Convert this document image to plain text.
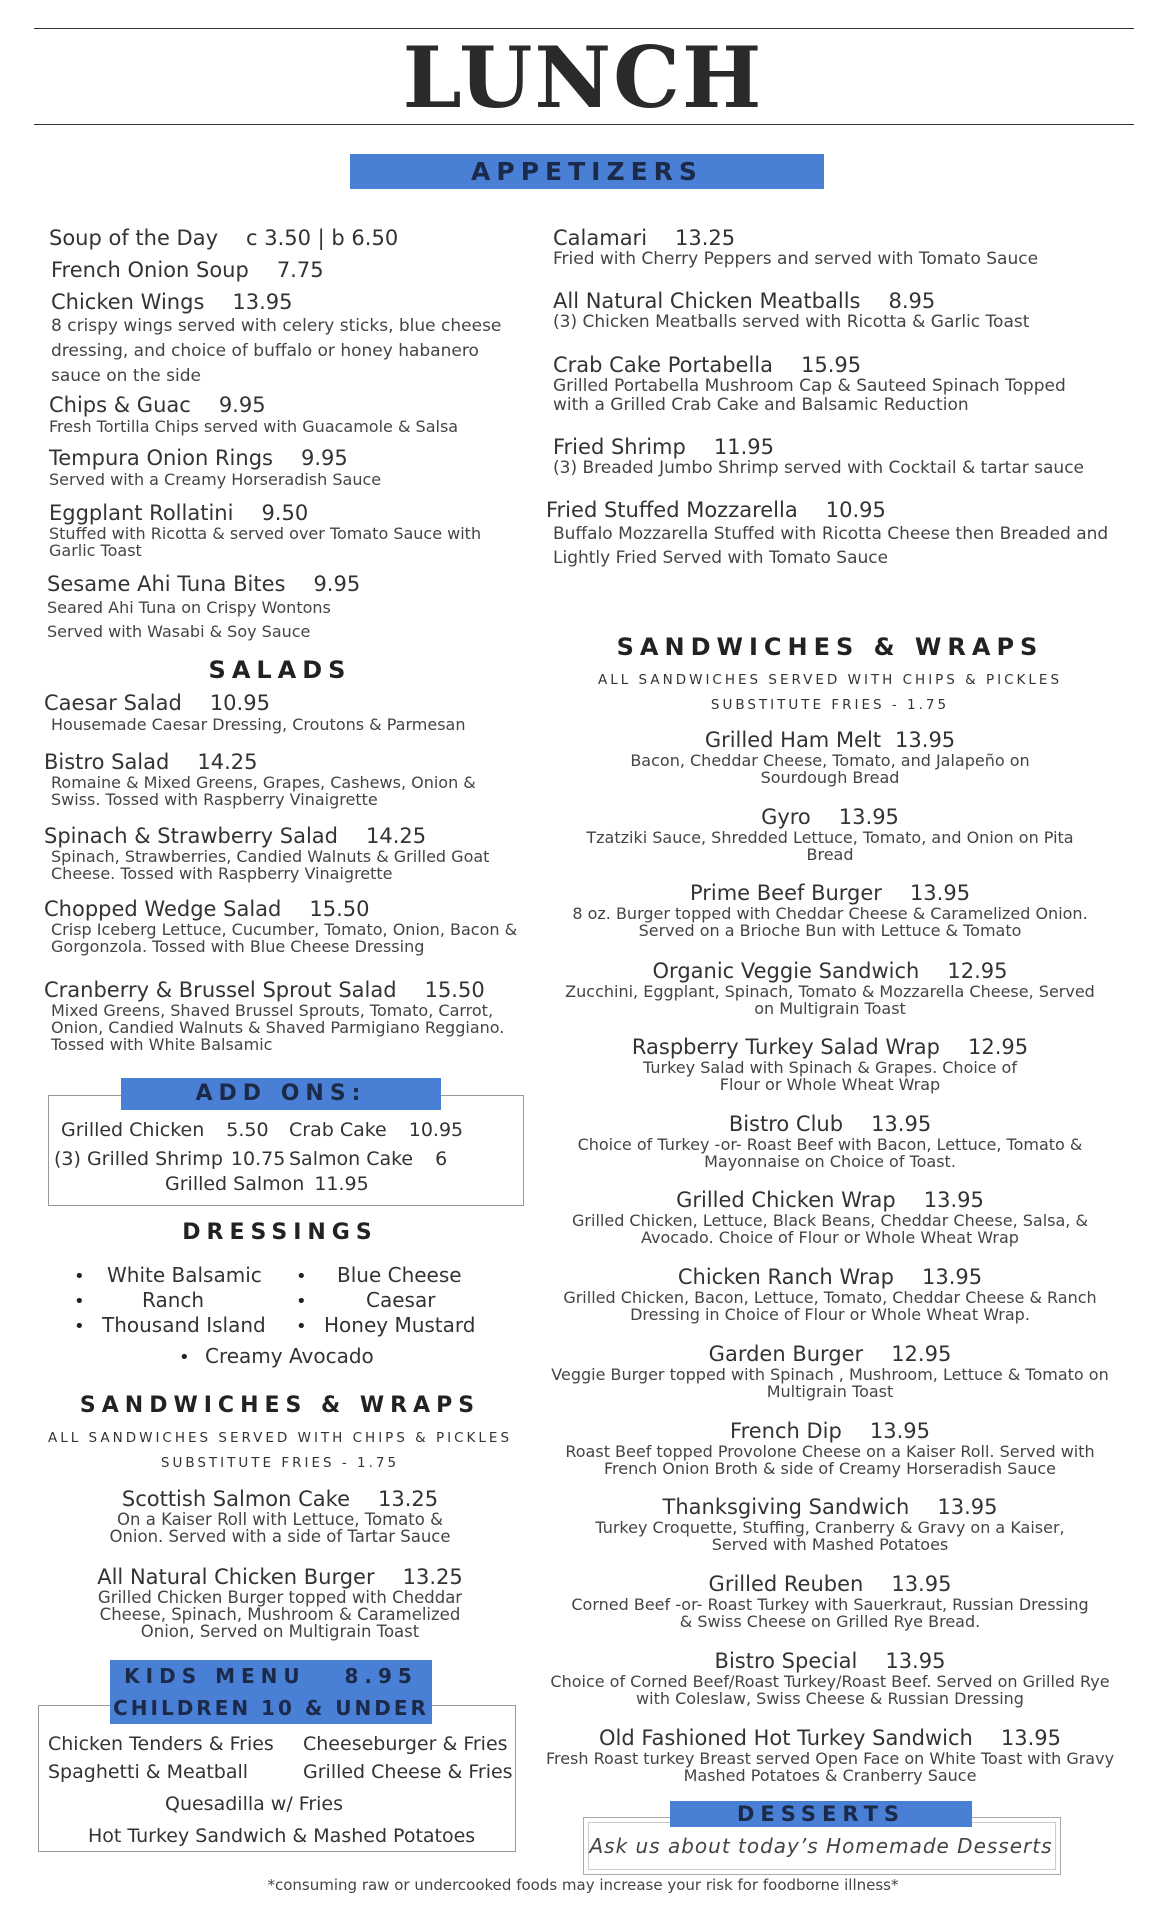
LUNCH
APPETIZERS
Soup of the Day c 3.50 | b 6.50
French Onion Soup 7.75
Chicken Wings 13.95
8 crispy wings served with celery sticks, blue cheese dressing, and choice of buffalo or honey habanero sauce on the side
Chips & Guac 9.95
Fresh Tortilla Chips served with Guacamole & Salsa
Tempura Onion Rings 9.95
Served with a Creamy Horseradish Sauce
Eggplant Rollatini 9.50
Stuffed with Ricotta & served over Tomato Sauce with Garlic Toast
Sesame Ahi Tuna Bites 9.95
Seared Ahi Tuna on Crispy Wontons Served with Wasabi & Soy Sauce
Calamari 13.25
Fried with Cherry Peppers and served with Tomato Sauce
All Natural Chicken Meatballs 8.95
(3) Chicken Meatballs served with Ricotta & Garlic Toast
Crab Cake Portabella 15.95
Grilled Portabella Mushroom Cap & Sauteed Spinach Topped with a Grilled Crab Cake and Balsamic Reduction
Fried Shrimp 11.95
(3) Breaded Jumbo Shrimp served with Cocktail & tartar sauce
Fried Stuffed Mozzarella 10.95
Buffalo Mozzarella Stuffed with Ricotta Cheese then Breaded and Lightly Fried Served with Tomato Sauce
SALADS
Caesar Salad 10.95
Housemade Caesar Dressing, Croutons & Parmesan
Bistro Salad 14.25
Romaine & Mixed Greens, Grapes, Cashews, Onion & Swiss. Tossed with Raspberry Vinaigrette
Spinach & Strawberry Salad 14.25
Spinach, Strawberries, Candied Walnuts & Grilled Goat Cheese. Tossed with Raspberry Vinaigrette
Chopped Wedge Salad 15.50
Crisp Iceberg Lettuce, Cucumber, Tomato, Onion, Bacon & Gorgonzola. Tossed with Blue Cheese Dressing
Cranberry & Brussel Sprout Salad 15.50
Mixed Greens, Shaved Brussel Sprouts, Tomato, Carrot, Onion, Candied Walnuts & Shaved Parmigiano Reggiano. Tossed with White Balsamic
ADD ONS:
Grilled Chicken 5.50 Crab Cake 10.95
(3) Grilled Shrimp 10.75 Salmon Cake 6
Grilled Salmon 11.95
DRESSINGS
• White Balsamic • Blue Cheese
•	Ranch	•	Caesar
• Thousand Island • Honey Mustard
• Creamy Avocado
SANDWICHES & WRAPS
ALL SANDWICHES SERVED WITH CHIPS & PICKLES
SUBSTITUTE FRIES - 1.75
Scottish Salmon Cake 13.25
On a Kaiser Roll with Lettuce, Tomato & Onion. Served with a side of Tartar Sauce
All Natural Chicken Burger 13.25
Grilled Chicken Burger topped with Cheddar Cheese, Spinach, Mushroom & Caramelized Onion, Served on Multigrain Toast
KIDS MENU   8.95
CHILDREN 10 & UNDER
Chicken Tenders & Fries Cheeseburger & Fries
Spaghetti & Meatball	Grilled Cheese & Fries
Quesadilla w/ Fries
Hot Turkey Sandwich & Mashed Potatoes
SANDWICHES & WRAPS
ALL SANDWICHES SERVED WITH CHIPS & PICKLES
SUBSTITUTE FRIES - 1.75
Grilled Ham Melt 13.95
Bacon, Cheddar Cheese, Tomato, and Jalapeño on Sourdough Bread
Gyro 13.95
Tzatziki Sauce, Shredded Lettuce, Tomato, and Onion on Pita Bread
Prime Beef Burger 13.95
8 oz. Burger topped with Cheddar Cheese & Caramelized Onion. Served on a Brioche Bun with Lettuce & Tomato
Organic Veggie Sandwich 12.95
Zucchini, Eggplant, Spinach, Tomato & Mozzarella Cheese, Served on Multigrain Toast
Raspberry Turkey Salad Wrap 12.95
Turkey Salad with Spinach & Grapes. Choice of Flour or Whole Wheat Wrap
Bistro Club 13.95
Choice of Turkey -or- Roast Beef with Bacon, Lettuce, Tomato & Mayonnaise on Choice of Toast.
Grilled Chicken Wrap 13.95
Grilled Chicken, Lettuce, Black Beans, Cheddar Cheese, Salsa, & Avocado. Choice of Flour or Whole Wheat Wrap
Chicken Ranch Wrap 13.95
Grilled Chicken, Bacon, Lettuce, Tomato, Cheddar Cheese & Ranch Dressing in Choice of Flour or Whole Wheat Wrap.
Garden Burger 12.95
Veggie Burger topped with Spinach , Mushroom, Lettuce & Tomato on Multigrain Toast
French Dip 13.95
Roast Beef topped Provolone Cheese on a Kaiser Roll. Served with French Onion Broth & side of Creamy Horseradish Sauce
Thanksgiving Sandwich 13.95
Turkey Croquette, Stuffing, Cranberry & Gravy on a Kaiser, Served with Mashed Potatoes
Grilled Reuben 13.95
Corned Beef -or- Roast Turkey with Sauerkraut, Russian Dressing & Swiss Cheese on Grilled Rye Bread.
Bistro Special 13.95
Choice of Corned Beef/Roast Turkey/Roast Beef. Served on Grilled Rye with Coleslaw, Swiss Cheese & Russian Dressing
Old Fashioned Hot Turkey Sandwich 13.95
Fresh Roast turkey Breast served Open Face on White Toast with Gravy Mashed Potatoes & Cranberry Sauce
DESSERTS
Ask us about today’s Homemade Desserts
*consuming raw or undercooked foods may increase your risk for foodborne illness*
